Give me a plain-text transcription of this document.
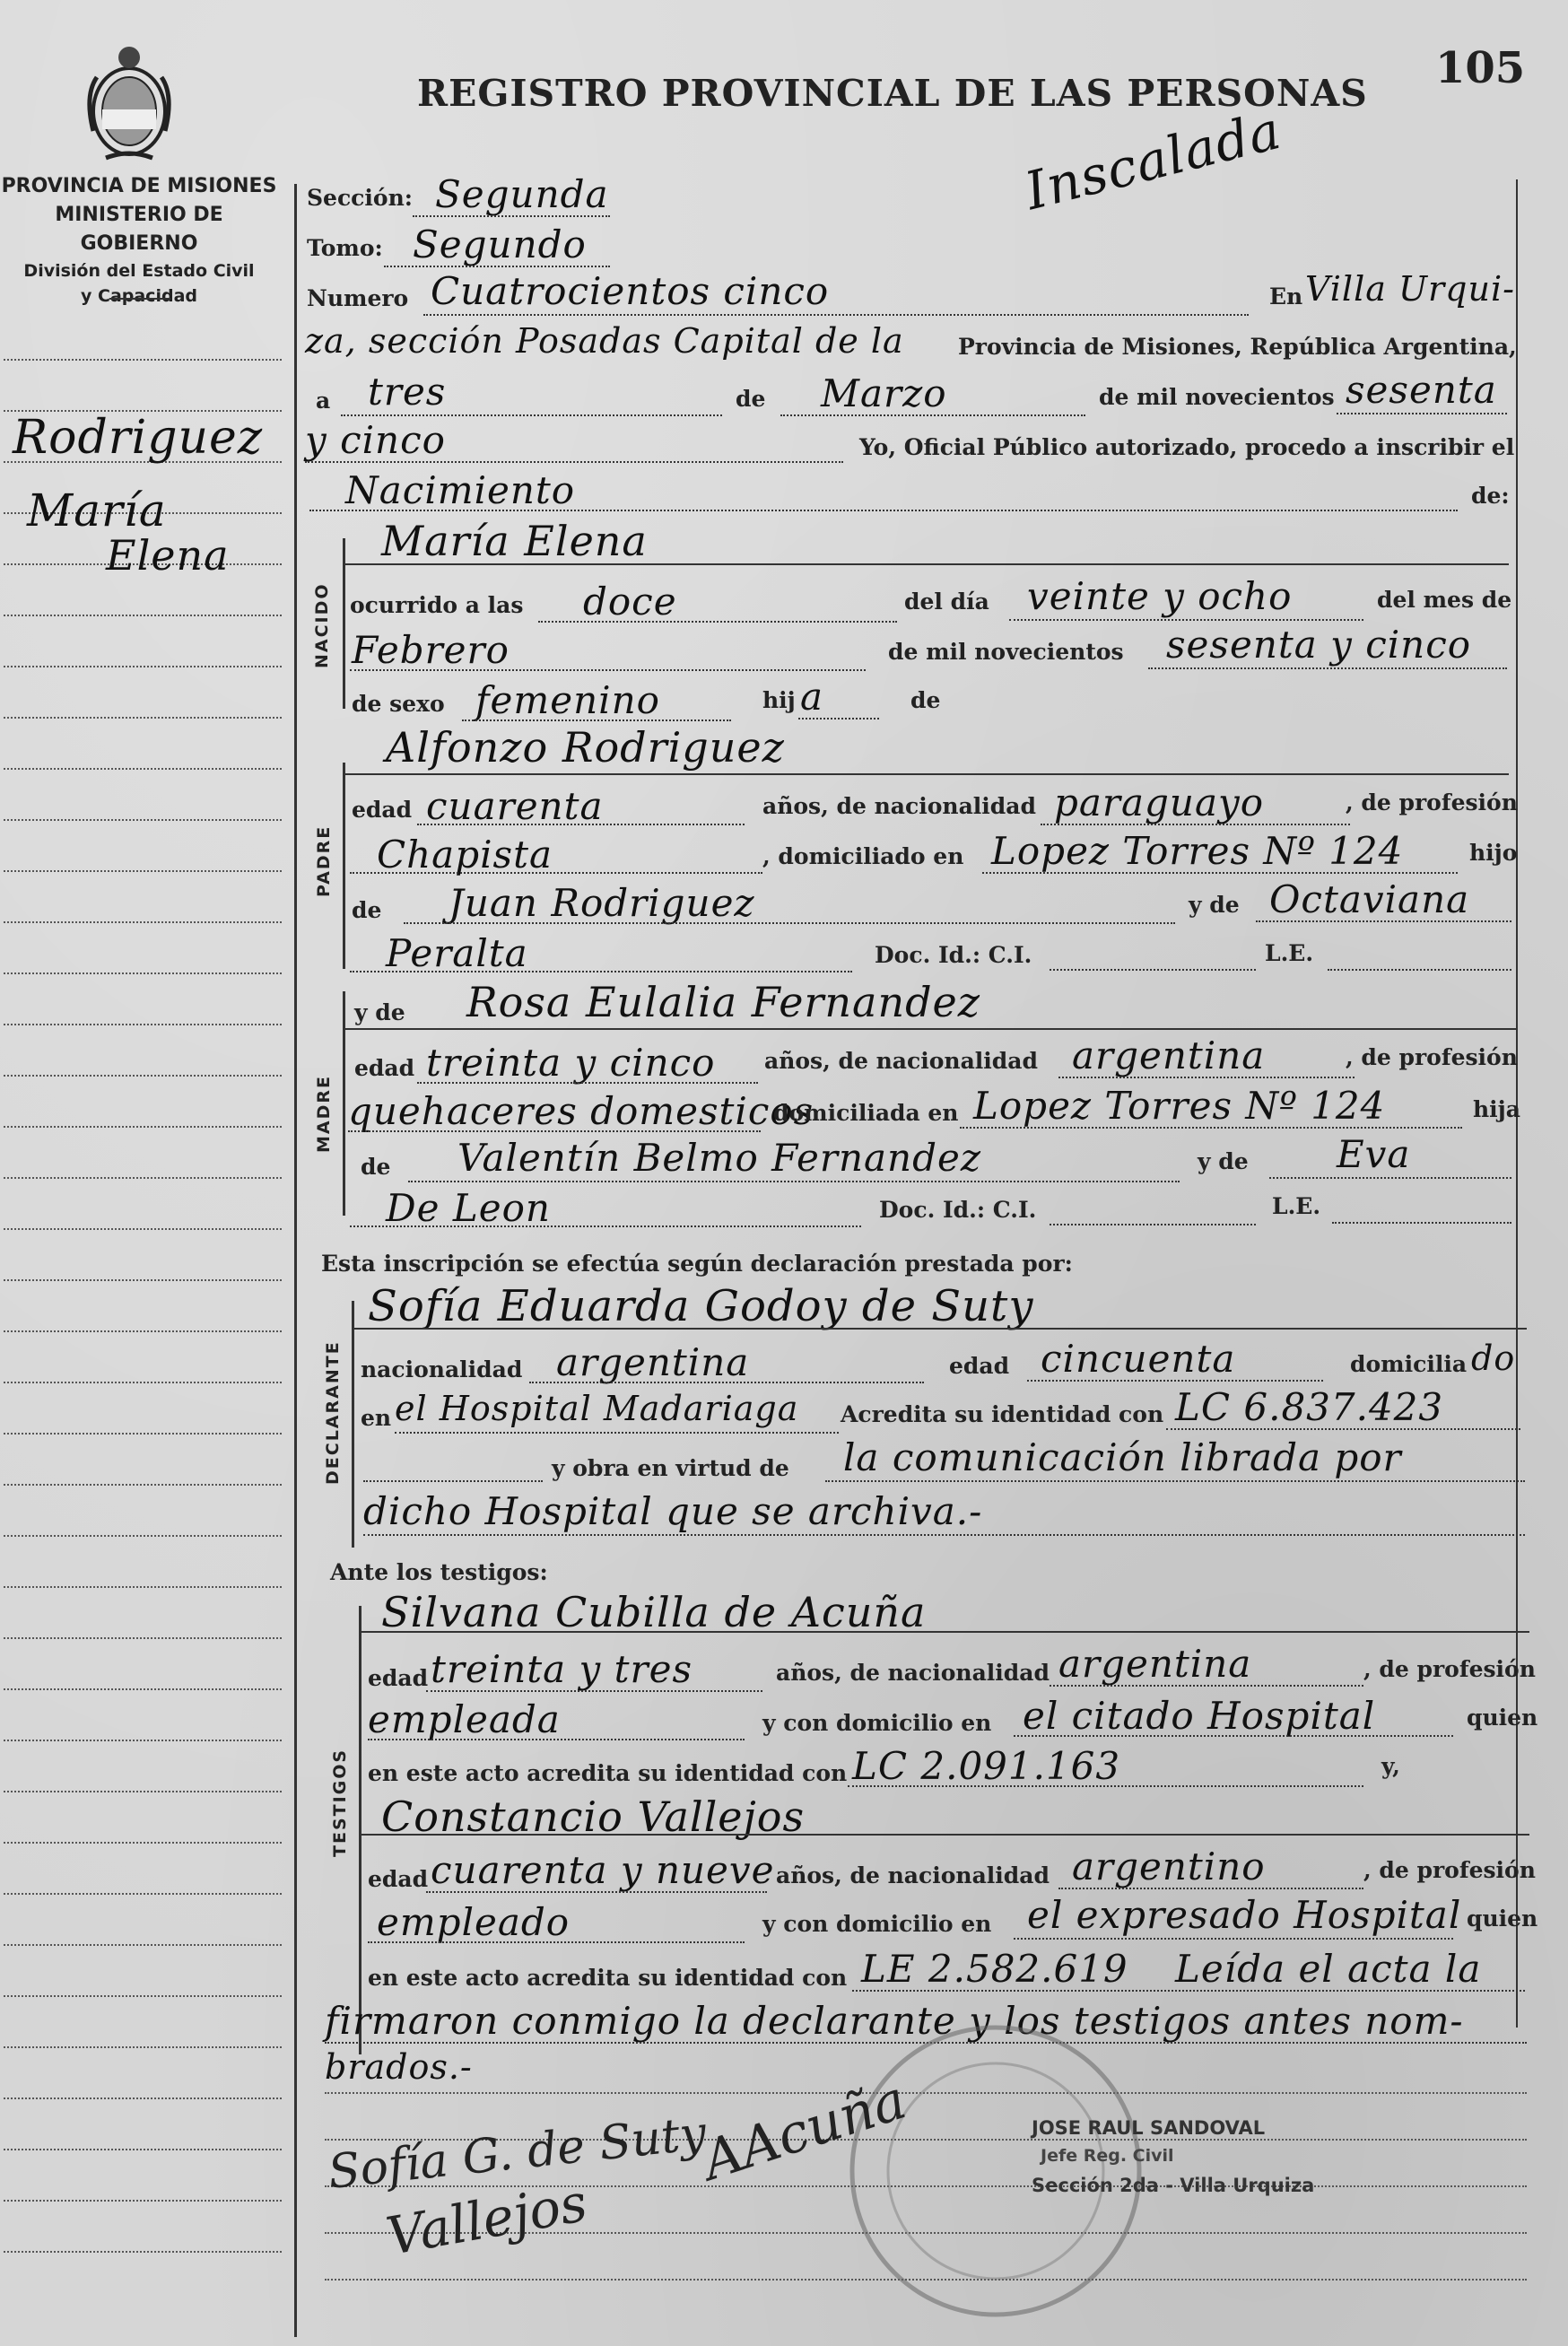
105
PROVINCIA DE MISIONES
MINISTERIO DE GOBIERNO
División del Estado Civil
y Capacidad
REGISTRO PROVINCIAL DE LAS PERSONAS
Inscalada
Rodriguez
María
Elena
Sección: Segunda
Tomo: Segundo
Numero Cuatrocientos cinco	En Villa Urqui-
za, sección Posadas Capital de la Provincia de Misiones, República Argentina,
a tres	de Marzo	de mil novecientos sesenta
y cinco	Yo, Oficial Público autorizado, procedo a inscribir el
Nacimiento	de:
NACIDO
María Elena
ocurrido a las doce	del día veinte y ocho	del mes de
Febrero	de mil novecientos sesenta y cinco
de sexo femenino	hij a	de
PADRE
Alfonzo Rodriguez
edad cuarenta	años, de nacionalidad paraguayo	, de profesión
Chapista	, domiciliado en Lopez Torres Nº 124	hijo
de Juan Rodriguez	y de Octaviana
Peralta	Doc. Id.: C.I.	L.E.
MADRE
y de Rosa Eulalia Fernandez
edad treinta y cinco años, de nacionalidad argentina	, de profesión
quehaceres domesticos
domiciliada en Lopez Torres Nº 124	hija
de Valentín Belmo Fernandez	y de Eva
De Leon	Doc. Id.: C.I.	L.E.
Esta inscripción se efectúa según declaración prestada por:
DECLARANTE
Sofía Eduarda Godoy de Suty
nacionalidad argentina	edad cincuenta	domicilia do
en el Hospital Madariaga Acredita su identidad con LC 6.837.423
y obra en virtud de la comunicación librada por
dicho Hospital que se archiva.-
Ante los testigos:
TESTIGOS
Silvana Cubilla de Acuña
edad treinta y tres	años, de nacionalidad argentina	, de profesión
empleada	y con domicilio en el citado Hospital	quien
en este acto acredita su identidad con LC 2.091.163	y,
Constancio Vallejos
edad cuarenta y nueve años, de nacionalidad argentino	, de profesión
empleado	y con domicilio en el expresado Hospital quien
en este acto acredita su identidad con LE 2.582.619 Leída el acta la
firmaron conmigo la declarante y los testigos antes nom-
brados.-
JOSE RAUL SANDOVAL
Jefe Reg. Civil
Sección 2da - Villa Urquiza
Sofía G. de Suty
Vallejos
AAcuña
